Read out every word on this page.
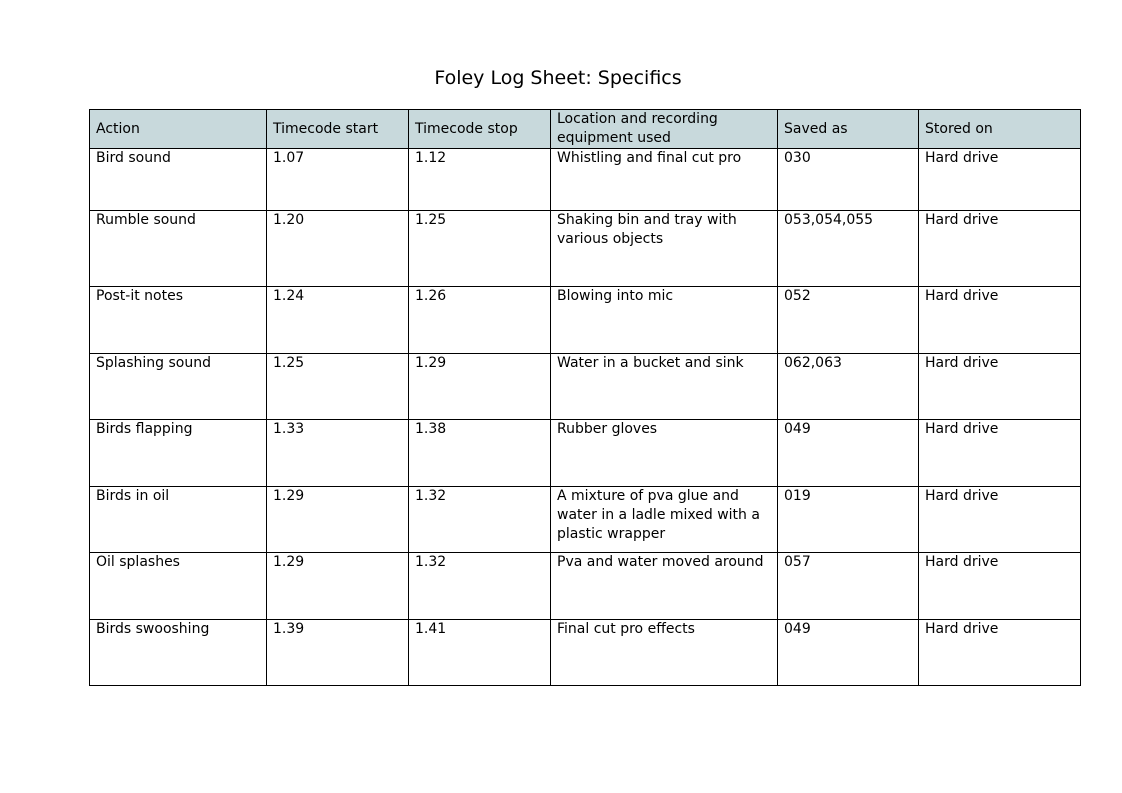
Foley Log Sheet: Specifics
Action	Timecode start	Timecode stop	Location and recording equipment used	Saved as	Stored on
Bird sound	1.07	1.12	Whistling and final cut pro	030	Hard drive
Rumble sound	1.20	1.25	Shaking bin and tray with various objects	053,054,055	Hard drive
Post-it notes	1.24	1.26	Blowing into mic	052	Hard drive
Splashing sound	1.25	1.29	Water in a bucket and sink	062,063	Hard drive
Birds flapping	1.33	1.38	Rubber gloves	049	Hard drive
Birds in oil	1.29	1.32	A mixture of pva glue and water in a ladle mixed with a plastic wrapper	019	Hard drive
Oil splashes	1.29	1.32	Pva and water moved around	057	Hard drive
Birds swooshing	1.39	1.41	Final cut pro effects	049	Hard drive
